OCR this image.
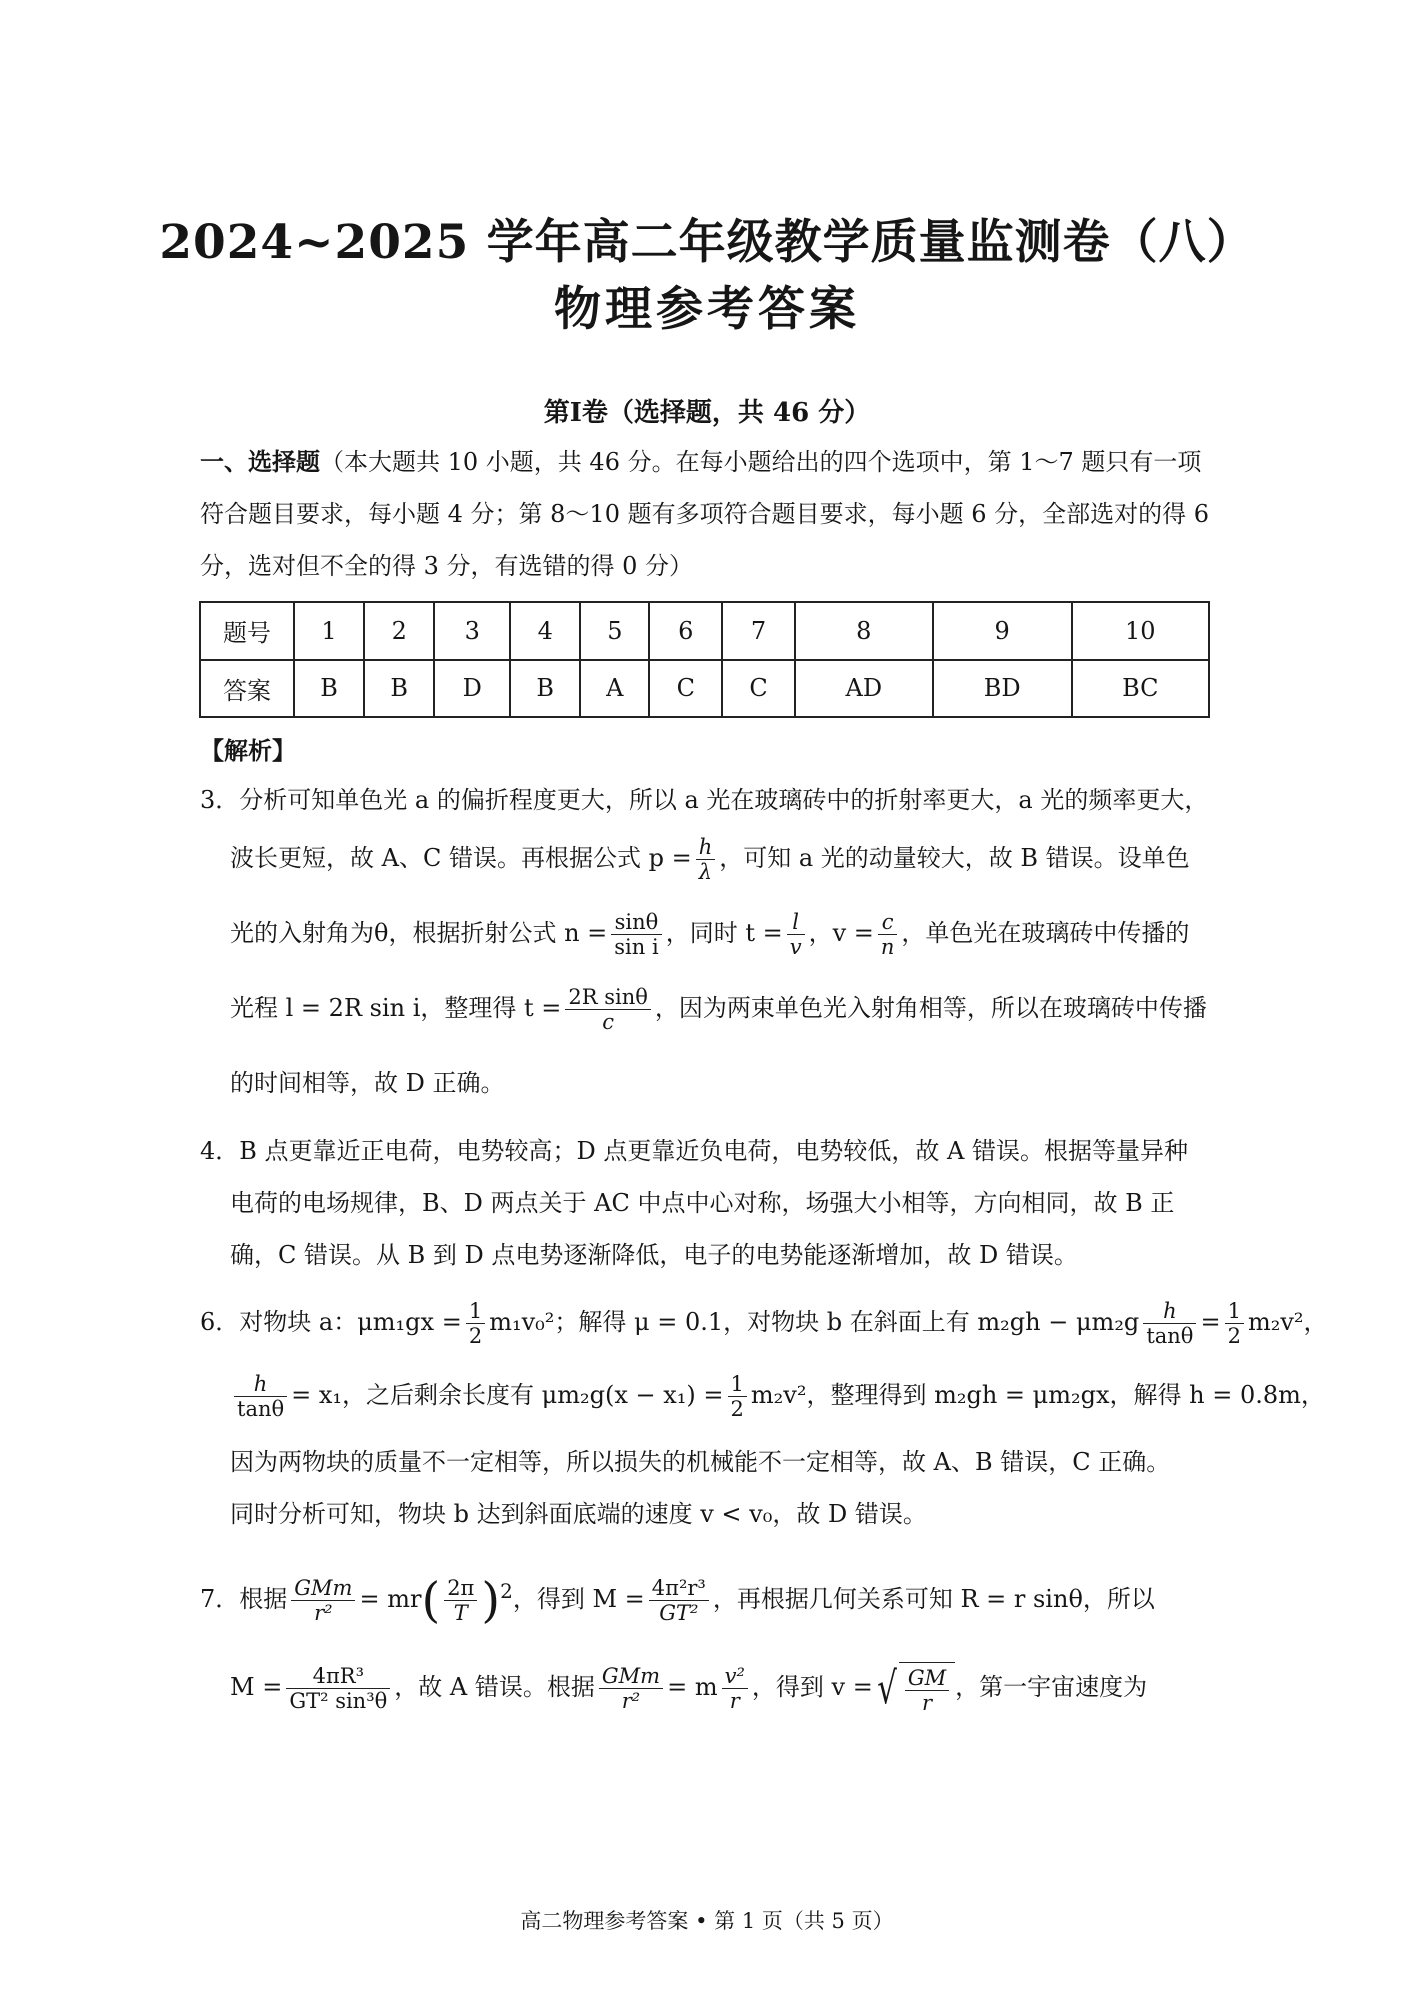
2024~2025 学年高二年级教学质量监测卷（八）
物理参考答案
第Ⅰ卷（选择题，共 46 分）
一、选择题（本大题共 10 小题，共 46 分。在每小题给出的四个选项中，第 1～7 题只有一项
符合题目要求，每小题 4 分；第 8～10 题有多项符合题目要求，每小题 6 分，全部选对的得 6
分，选对但不全的得 3 分，有选错的得 0 分）
题号	1	2	3	4	5	6	7	8	9	10
答案	B	B	D	B	A	C	C	AD	BD	BC
【解析】
3．分析可知单色光 a 的偏折程度更大，所以 a 光在玻璃砖中的折射率更大，a 光的频率更大，
波长更短，故 A、C 错误。再根据公式 $p = \frac{h}{\lambda}$ ，可知 a 光的动量较大，故 B 错误。设单色
光的入射角为θ，根据折射公式 $n = \frac{\sin\theta}{\text{sin i}}$ ，同时 $t = \frac{l}{v}$ ，$v = \frac{c}{n}$ ，单色光在玻璃砖中传播的
光程 l = 2R sin i，整理得 $t = \frac{\text{2R sinθ}}{c}$ ，因为两束单色光入射角相等，所以在玻璃砖中传播
的时间相等，故 D 正确。
4．B 点更靠近正电荷，电势较高；D 点更靠近负电荷，电势较低，故 A 错误。根据等量异种
电荷的电场规律，B、D 两点关于 AC 中点中心对称，场强大小相等，方向相同，故 B 正
确，C 错误。从 B 到 D 点电势逐渐降低，电子的电势能逐渐增加，故 D 错误。
6．对物块 a：$\mu m_1gx = \frac{1}{2} m_1v_0^2$；解得 μ = 0.1，对物块 b 在斜面上有 $m_2gh - \mu m_2g \frac{h}{\tan\theta} = \frac{1}{2} m_2v^2$，
$\frac{h}{\tan\theta} = x_1$，之后剩余长度有 $\mu m_2g(x - x_1) = \frac{1}{2} m_2v^2$，整理得到 m₂gh = μm₂gx，解得 h = 0.8m，
因为两物块的质量不一定相等，所以损失的机械能不一定相等，故 A、B 错误，C 正确。
同时分析可知，物块 b 达到斜面底端的速度 v < v₀，故 D 错误。
7．根据 $\frac{\text{GMm}}{\text{r²}} = mr( \frac{2\pi}{T} )^2$，得到 $M = \frac{\text{4π²r³}}{\text{GT²}}$ ，再根据几何关系可知 R = r sinθ，所以
$M = \frac{\text{4πR³}}{\text{GT² sin³θ}}$ ，故 A 错误。根据 $\frac{\text{GMm}}{\text{r²}} = m \frac{\text{v²}}{r}$ ，得到 v =√ $\frac{GM}{r}$ ，第一宇宙速度为
高二物理参考答案 • 第 1 页（共 5 页）
